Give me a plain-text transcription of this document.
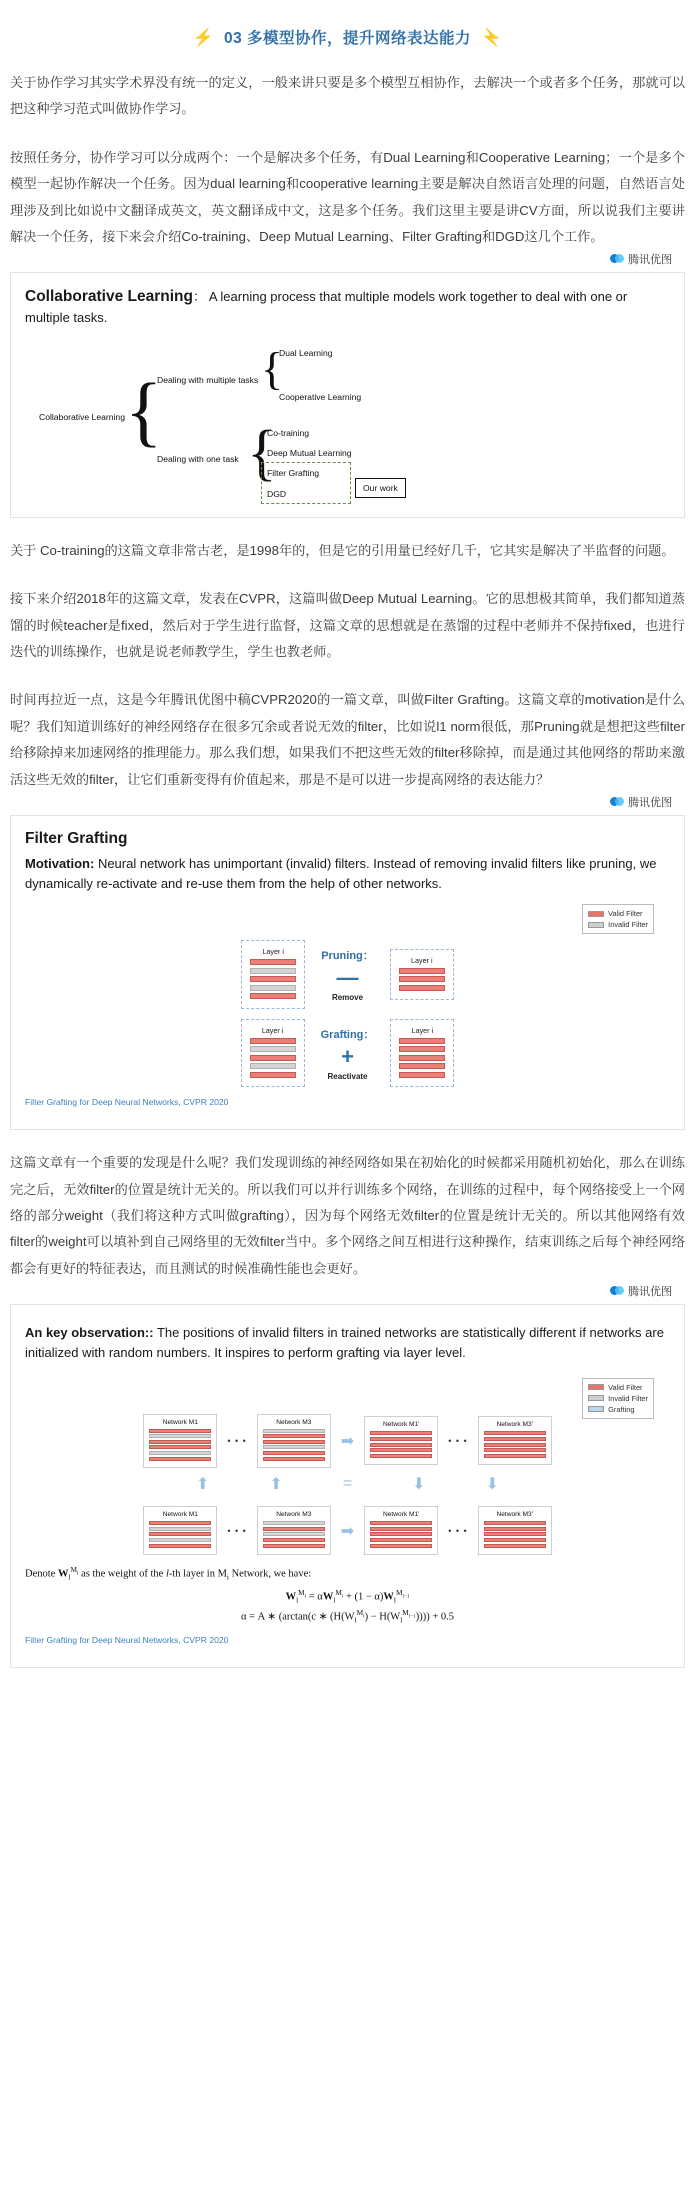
⚡ 03 多模型协作，提升网络表达能力 ⚡

关于协作学习其实学术界没有统一的定义，一般来讲只要是多个模型互相协作，去解决一个或者多个任务，那就可以把这种学习范式叫做协作学习。

按照任务分，协作学习可以分成两个：一个是解决多个任务，有Dual Learning和Cooperative Learning；一个是多个模型一起协作解决一个任务。因为dual learning和cooperative learning主要是解决自然语言处理的问题，自然语言处理涉及到比如说中文翻译成英文，英文翻译成中文，这是多个任务。我们这里主要是讲CV方面，所以说我们主要讲解决一个任务，接下来会介绍Co-training、Deep Mutual Learning、Filter Grafting和DGD这几个工作。

腾讯优图
Collaborative Learning： A learning process that multiple models work together to deal with one or multiple tasks.
Collaborative Learning {
Dealing with multiple tasks
Dealing with one task
{
Dual Learning
Cooperative Learning
{
Co-training
Deep Mutual Learning
Filter Grafting
DGD
Our work

关于 Co-training的这篇文章非常古老，是1998年的，但是它的引用量已经好几千，它其实是解决了半监督的问题。

接下来介绍2018年的这篇文章，发表在CVPR，这篇叫做Deep Mutual Learning。它的思想极其简单，我们都知道蒸馏的时候teacher是fixed，然后对于学生进行监督，这篇文章的思想就是在蒸馏的过程中老师并不保持fixed，也进行迭代的训练操作，也就是说老师教学生，学生也教老师。

时间再拉近一点，这是今年腾讯优图中稿CVPR2020的一篇文章，叫做Filter Grafting。这篇文章的motivation是什么呢？我们知道训练好的神经网络存在很多冗余或者说无效的filter，比如说l1 norm很低，那Pruning就是想把这些filter给移除掉来加速网络的推理能力。那么我们想，如果我们不把这些无效的filter移除掉，而是通过其他网络的帮助来激活这些无效的filter，让它们重新变得有价值起来，那是不是可以进一步提高网络的表达能力？

腾讯优图
Filter Grafting

Motivation: Neural network has unimportant (invalid) filters. Instead of removing invalid filters like pruning, we dynamically re-activate and re-use them from the help of other networks.

Valid Filter
Invalid Filter
Layer i	Pruning：
—
Remove
Layer i
Layer i	Grafting：
+
Reactivate
Layer i
Filter Grafting for Deep Neural Networks, CVPR 2020

这篇文章有一个重要的发现是什么呢？我们发现训练的神经网络如果在初始化的时候都采用随机初始化，那么在训练完之后，无效filter的位置是统计无关的。所以我们可以并行训练多个网络，在训练的过程中，每个网络接受上一个网络的部分weight（我们将这种方式叫做grafting），因为每个网络无效filter的位置是统计无关的。所以其他网络有效filter的weight可以填补到自己网络里的无效filter当中。多个网络之间互相进行这种操作，结束训练之后每个神经网络都会有更好的特征表达，而且测试的时候准确性能也会更好。

腾讯优图

An key observation:: The positions of invalid filters in trained networks are statistically different if networks are initialized with random numbers. It inspires to perform grafting via layer level.

Valid Filter
Invalid Filter
Grafting
Network M1
• • •
Network M3
➡
Network M1'
• • •
Network M3'
⬆	⬆	=	⬇	⬇
Network M1
• • •
Network M3
➡
Network M1'
• • •
Network M3'
Denote $W_l^{M_i}$ as the weight of the l-th layer in $M_i$ Network, we have:
$W_l^{M_i} = \alpha W_l^{M_i} + (1 - \alpha)W_l^{M_{i-1}}$
α = A ∗ (arctan(c ∗ $(H(W_l^{M_i}) - H(W_l^{M_{i-1}})))) + 0.5$
Filter Grafting for Deep Neural Networks, CVPR 2020
